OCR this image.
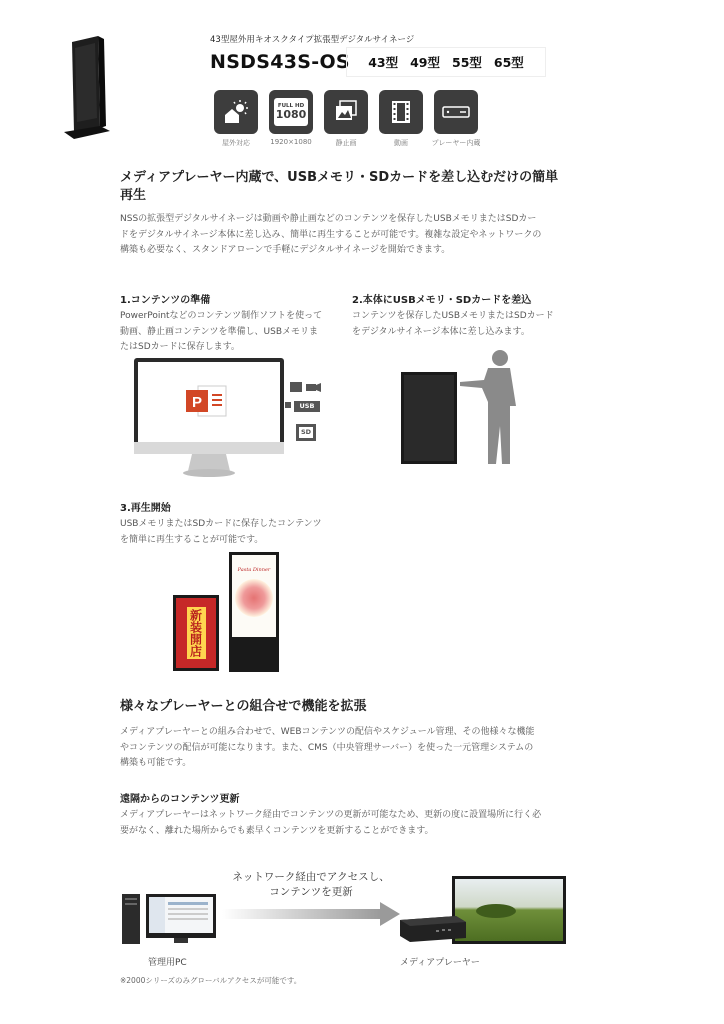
43型屋外用キオスクタイプ拡張型デジタルサイネージ
NSDS43S-OS 43型 49型 55型 65型
屋外対応
FULL HD
1080
1920×1080	静止画	動画	プレーヤー内蔵
メディアプレーヤー内蔵で、USBメモリ・SDカードを差し込むだけの簡単
再生
NSSの拡張型デジタルサイネージは動画や静止画などのコンテンツを保存したUSBメモリまたはSDカー
ドをデジタルサイネージ本体に差し込み、簡単に再生することが可能です。複雑な設定やネットワークの
構築も必要なく、スタンドアローンで手軽にデジタルサイネージを開始できます。
1.コンテンツの準備
PowerPointなどのコンテンツ制作ソフトを使って
動画、静止画コンテンツを準備し、USBメモリま
たはSDカードに保存します。
P	USB
SD
2.本体にUSBメモリ・SDカードを差込
コンテンツを保存したUSBメモリまたはSDカード
をデジタルサイネージ本体に差し込みます。
3.再生開始
USBメモリまたはSDカードに保存したコンテンツ
を簡単に再生することが可能です。
新装開店
Pasta Dinner
様々なプレーヤーとの組合せで機能を拡張
メディアプレーヤーとの組み合わせで、WEBコンテンツの配信やスケジュール管理、その他様々な機能
やコンテンツの配信が可能になります。また、CMS（中央管理サーバー）を使った一元管理システムの
構築も可能です。
遠隔からのコンテンツ更新
メディアプレーヤーはネットワーク経由でコンテンツの更新が可能なため、更新の度に設置場所に行く必
要がなく、離れた場所からでも素早くコンテンツを更新することができます。
ネットワーク経由でアクセスし、
コンテンツを更新
管理用PC	メディアプレーヤー
※2000シリーズのみグローバルアクセスが可能です。
